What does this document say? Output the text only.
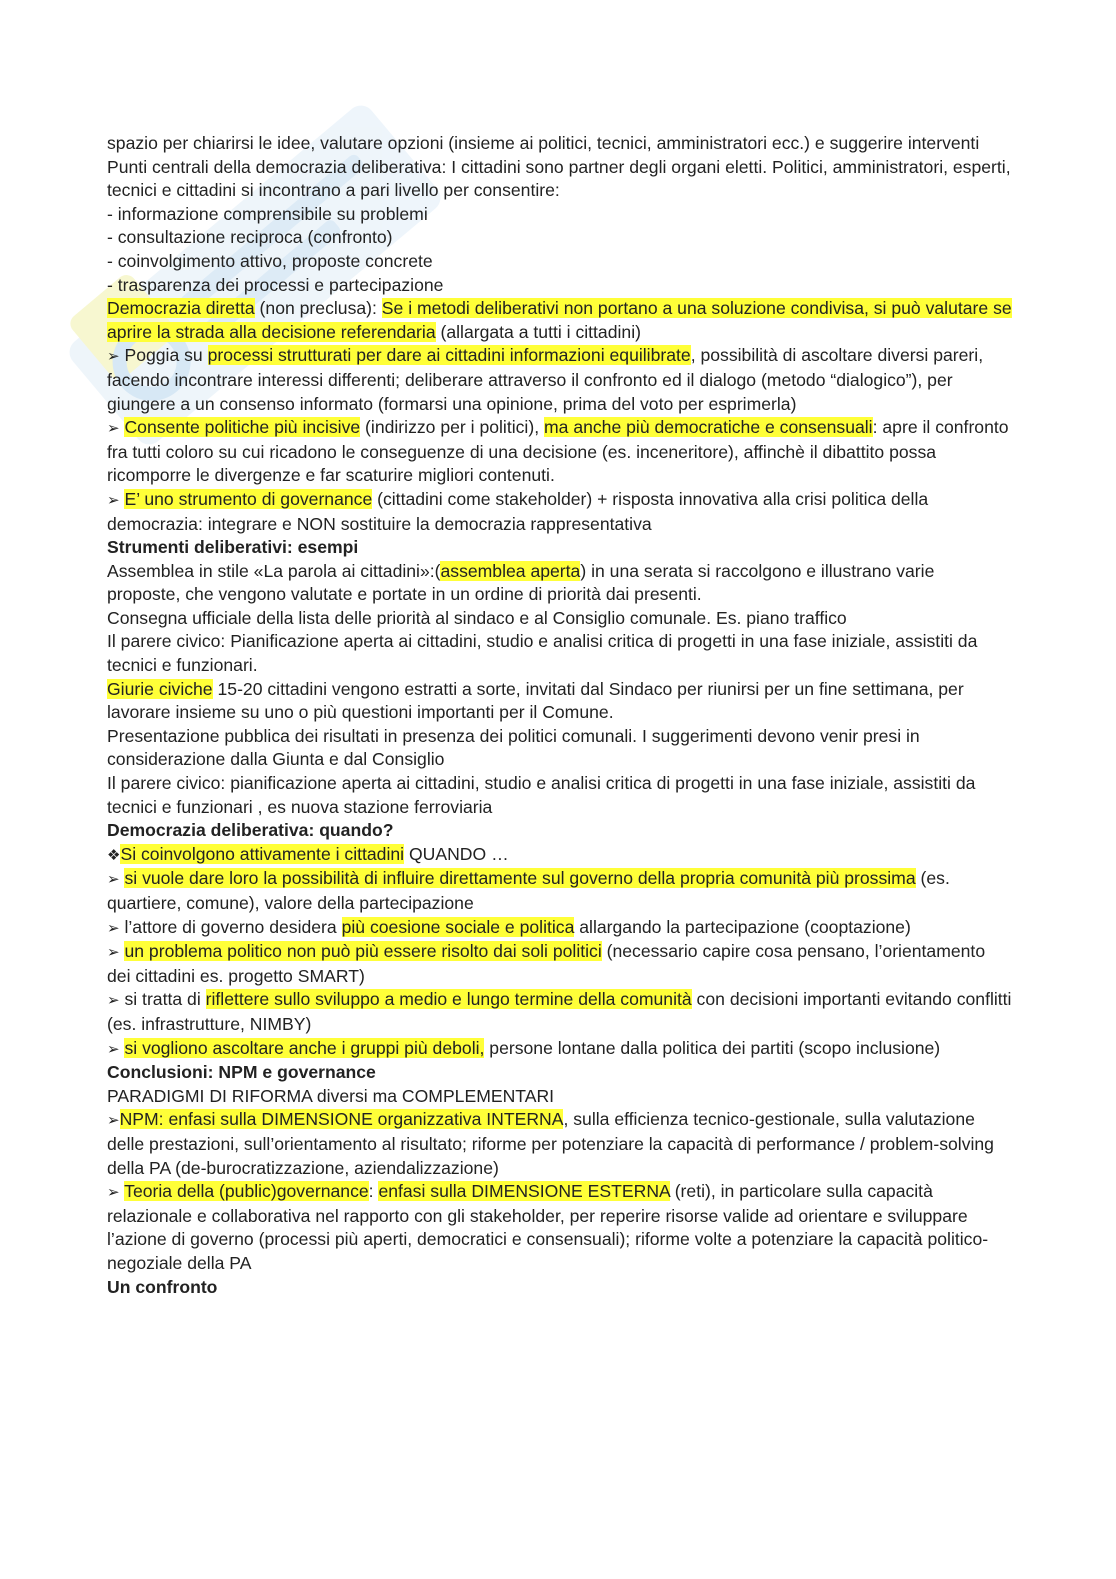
spazio per chiarirsi le idee, valutare opzioni (insieme ai politici, tecnici, amministratori ecc.) e suggerire interventi
Punti centrali della democrazia deliberativa: I cittadini sono partner degli organi eletti. Politici, amministratori, esperti, tecnici e cittadini si incontrano a pari livello per consentire:
- informazione comprensibile su problemi
- consultazione reciproca (confronto)
- coinvolgimento attivo, proposte concrete
- trasparenza dei processi e partecipazione
Democrazia diretta (non preclusa): Se i metodi deliberativi non portano a una soluzione condivisa, si può valutare se aprire la strada alla decisione referendaria (allargata a tutti i cittadini)
➢ Poggia su processi strutturati per dare ai cittadini informazioni equilibrate, possibilità di ascoltare diversi pareri, facendo incontrare interessi differenti; deliberare attraverso il confronto ed il dialogo (metodo “dialogico”), per giungere a un consenso informato (formarsi una opinione, prima del voto per esprimerla)
➢ Consente politiche più incisive (indirizzo per i politici), ma anche più democratiche e consensuali: apre il confronto fra tutti coloro su cui ricadono le conseguenze di una decisione (es. inceneritore), affinchè il dibattito possa ricomporre le divergenze e far scaturire migliori contenuti.
➢ E’ uno strumento di governance (cittadini come stakeholder) + risposta innovativa alla crisi politica della democrazia: integrare e NON sostituire la democrazia rappresentativa
Strumenti deliberativi: esempi
Assemblea in stile «La parola ai cittadini»:(assemblea aperta) in una serata si raccolgono e illustrano varie proposte, che vengono valutate e portate in un ordine di priorità dai presenti.
Consegna ufficiale della lista delle priorità al sindaco e al Consiglio comunale. Es. piano traffico
Il parere civico: Pianificazione aperta ai cittadini, studio e analisi critica di progetti in una fase iniziale, assistiti da tecnici e funzionari.
Giurie civiche 15-20 cittadini vengono estratti a sorte, invitati dal Sindaco per riunirsi per un fine settimana, per lavorare insieme su uno o più questioni importanti per il Comune.
Presentazione pubblica dei risultati in presenza dei politici comunali. I suggerimenti devono venir presi in considerazione dalla Giunta e dal Consiglio
Il parere civico: pianificazione aperta ai cittadini, studio e analisi critica di progetti in una fase iniziale, assistiti da tecnici e funzionari , es nuova stazione ferroviaria
Democrazia deliberativa: quando?
❖Si coinvolgono attivamente i cittadini QUANDO …
➢ si vuole dare loro la possibilità di influire direttamente sul governo della propria comunità più prossima (es. quartiere, comune), valore della partecipazione
➢ l’attore di governo desidera più coesione sociale e politica allargando la partecipazione (cooptazione)
➢ un problema politico non può più essere risolto dai soli politici (necessario capire cosa pensano, l’orientamento dei cittadini es. progetto SMART)
➢ si tratta di riflettere sullo sviluppo a medio e lungo termine della comunità con decisioni importanti evitando conflitti (es. infrastrutture, NIMBY)
➢ si vogliono ascoltare anche i gruppi più deboli, persone lontane dalla politica dei partiti (scopo inclusione)
Conclusioni: NPM e governance
PARADIGMI DI RIFORMA diversi ma COMPLEMENTARI
➢NPM: enfasi sulla DIMENSIONE organizzativa INTERNA, sulla efficienza tecnico-gestionale, sulla valutazione delle prestazioni, sull’orientamento al risultato; riforme per potenziare la capacità di performance / problem-solving della PA (de-burocratizzazione, aziendalizzazione)
➢ Teoria della (public)governance: enfasi sulla DIMENSIONE ESTERNA (reti), in particolare sulla capacità relazionale e collaborativa nel rapporto con gli stakeholder, per reperire risorse valide ad orientare e sviluppare l’azione di governo (processi più aperti, democratici e consensuali); riforme volte a potenziare la capacità politico-negoziale della PA
Un confronto
